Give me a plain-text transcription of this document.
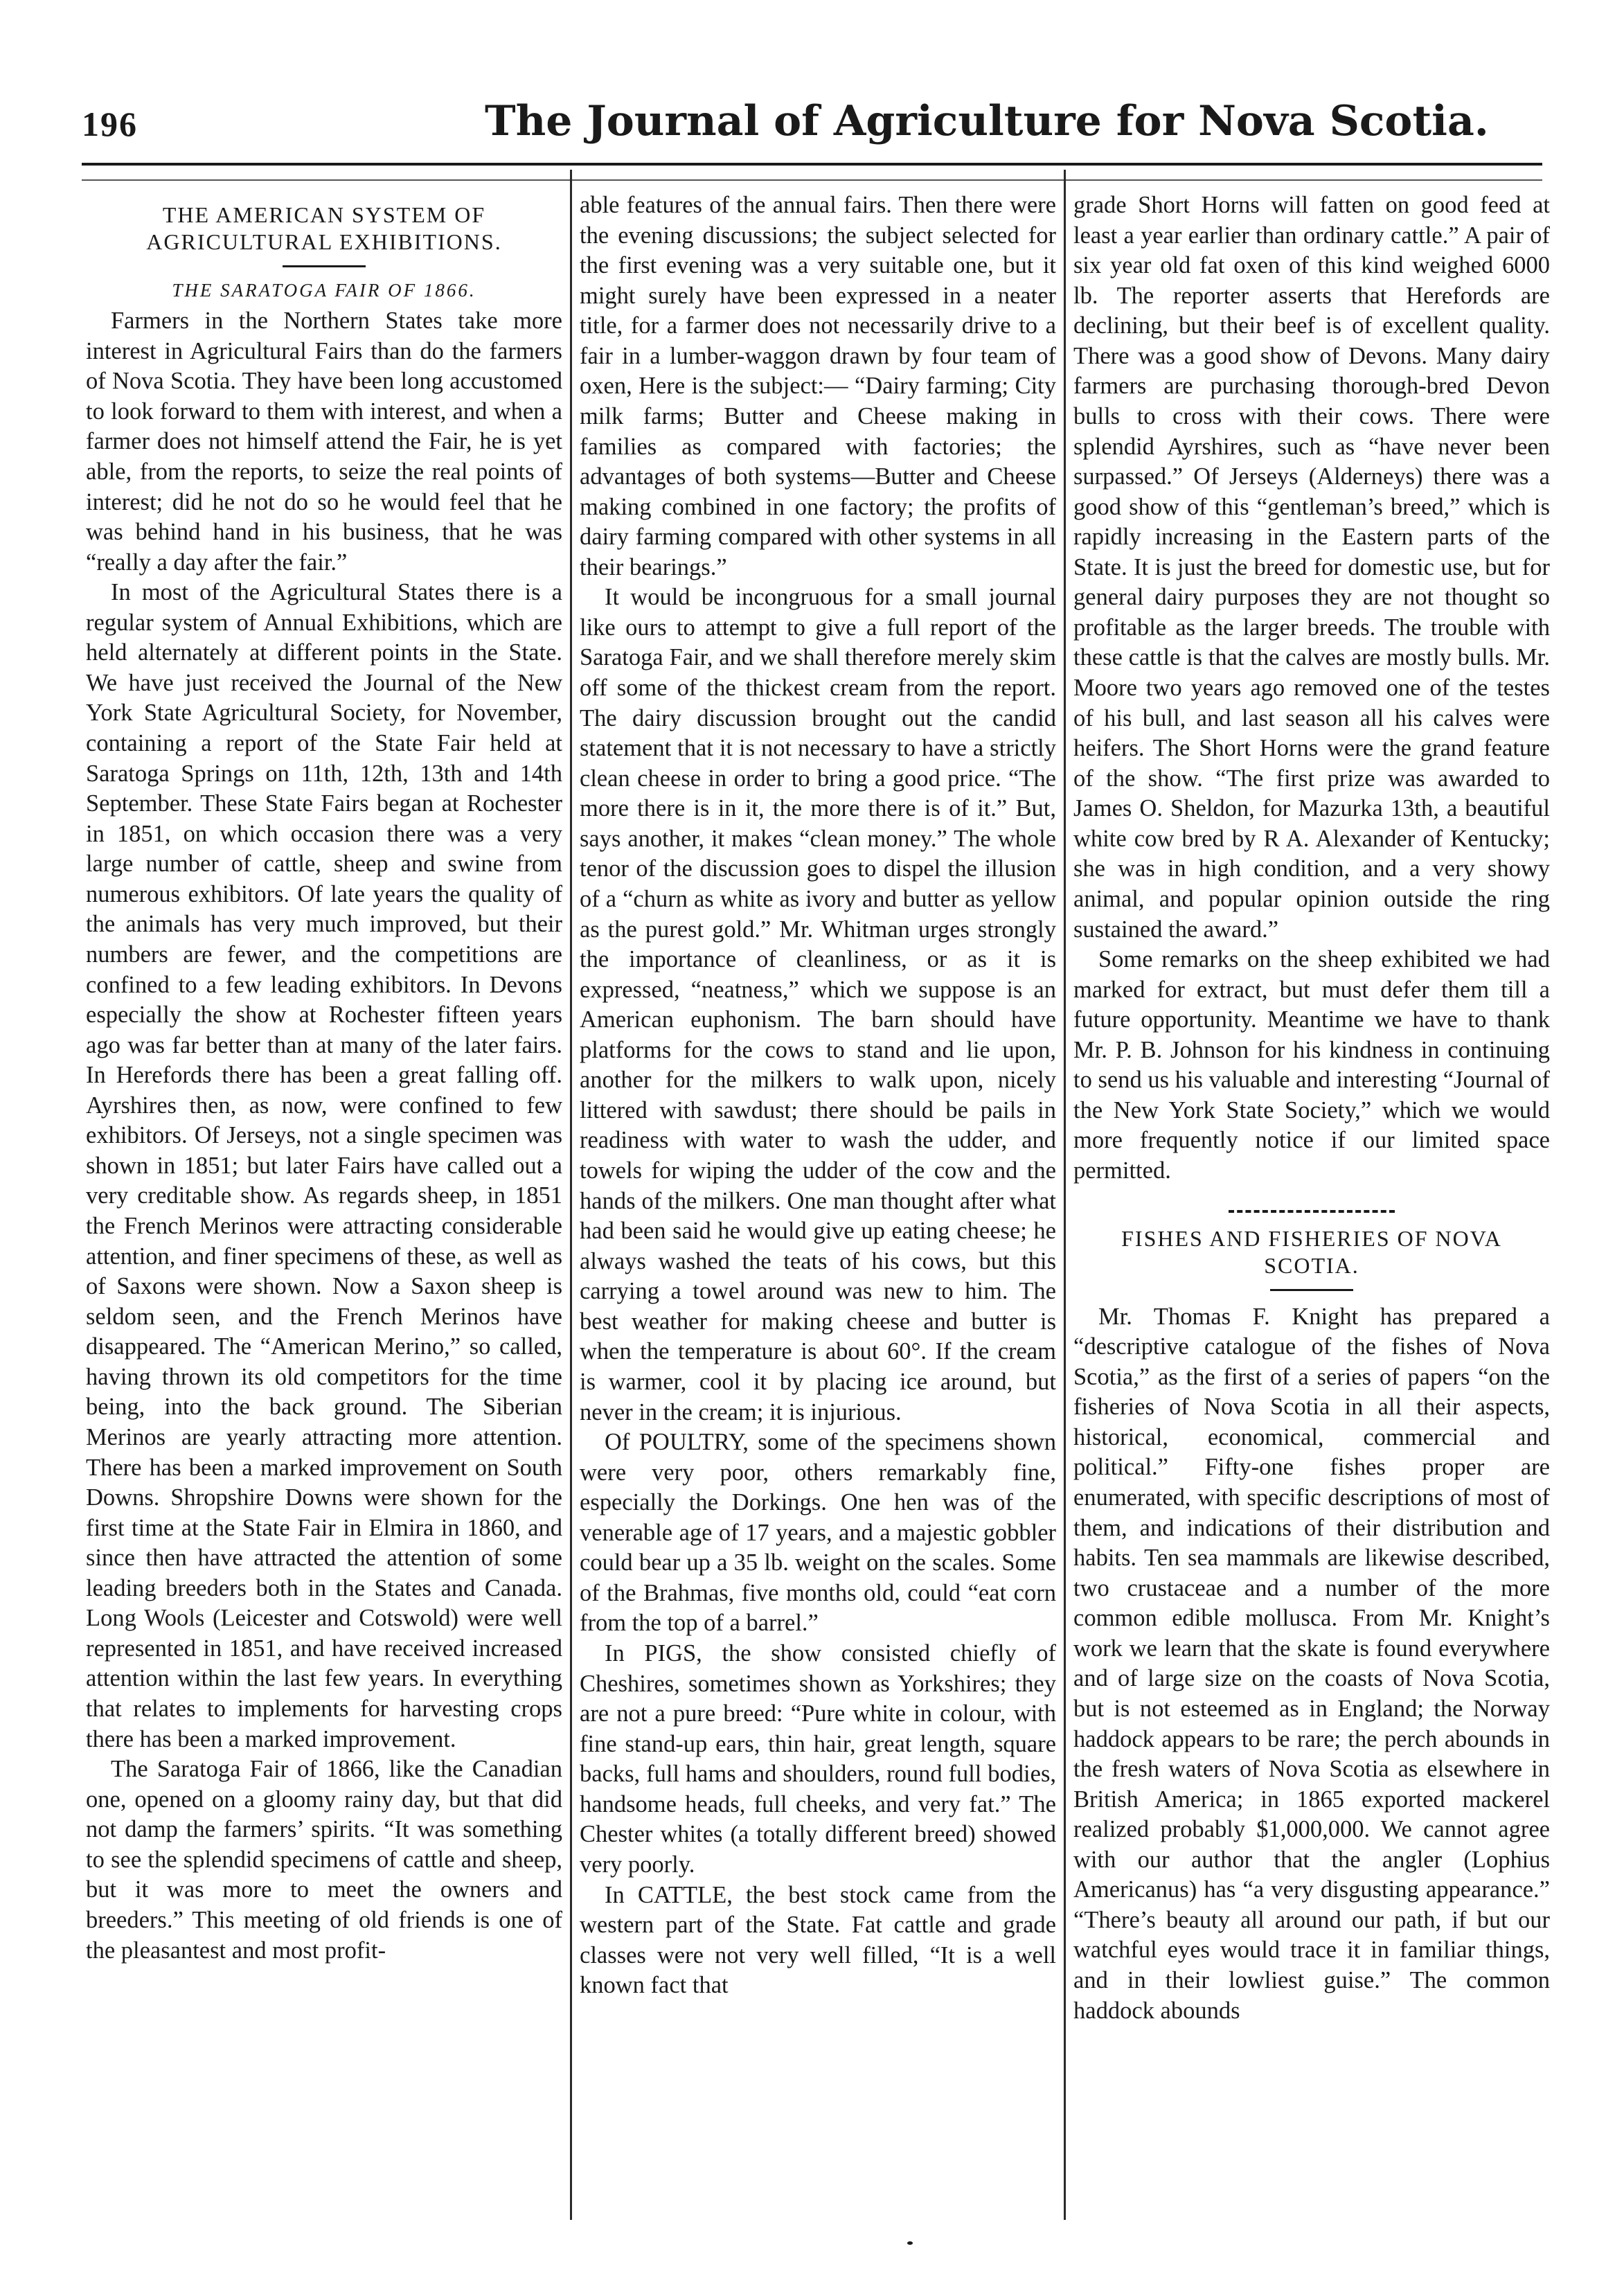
196	The Journal of Agriculture for Nova Scotia.
THE AMERICAN SYSTEM OF AGRICULTURAL EXHIBITIONS.
THE SARATOGA FAIR OF 1866.

Farmers in the Northern States take more interest in Agricultural Fairs than do the farmers of Nova Scotia. They have been long accustomed to look forward to them with interest, and when a farmer does not himself attend the Fair, he is yet able, from the reports, to seize the real points of interest; did he not do so he would feel that he was behind hand in his business, that he was “really a day after the fair.”

In most of the Agricultural States there is a regular system of Annual Exhibitions, which are held alternately at different points in the State. We have just received the Journal of the New York State Agricultural Society, for November, containing a report of the State Fair held at Saratoga Springs on 11th, 12th, 13th and 14th September. These State Fairs began at Rochester in 1851, on which occasion there was a very large number of cattle, sheep and swine from numerous exhibitors. Of late years the quality of the animals has very much improved, but their numbers are fewer, and the competitions are confined to a few leading exhibitors. In Devons especially the show at Rochester fifteen years ago was far better than at many of the later fairs. In Herefords there has been a great falling off. Ayrshires then, as now, were confined to few exhibitors. Of Jerseys, not a single specimen was shown in 1851; but later Fairs have called out a very creditable show. As regards sheep, in 1851 the French Merinos were attracting considerable attention, and finer specimens of these, as well as of Saxons were shown. Now a Saxon sheep is seldom seen, and the French Merinos have disappeared. The “American Merino,” so called, having thrown its old competitors for the time being, into the back ground. The Siberian Merinos are yearly attracting more attention. There has been a marked improvement on South Downs. Shropshire Downs were shown for the first time at the State Fair in Elmira in 1860, and since then have attracted the attention of some leading breeders both in the States and Canada. Long Wools (Leicester and Cotswold) were well represented in 1851, and have received increased attention within the last few years. In everything that relates to implements for harvesting crops there has been a marked improvement.

The Saratoga Fair of 1866, like the Canadian one, opened on a gloomy rainy day, but that did not damp the farmers’ spirits. “It was something to see the splendid specimens of cattle and sheep, but it was more to meet the owners and breeders.” This meeting of old friends is one of the pleasantest and most profit-

able features of the annual fairs. Then there were the evening discussions; the subject selected for the first evening was a very suitable one, but it might surely have been expressed in a neater title, for a farmer does not necessarily drive to a fair in a lumber-waggon drawn by four team of oxen, Here is the subject:— “Dairy farming; City milk farms; Butter and Cheese making in families as compared with factories; the advantages of both systems—Butter and Cheese making combined in one factory; the profits of dairy farming compared with other systems in all their bearings.”

It would be incongruous for a small journal like ours to attempt to give a full report of the Saratoga Fair, and we shall therefore merely skim off some of the thickest cream from the report. The dairy discussion brought out the candid statement that it is not necessary to have a strictly clean cheese in order to bring a good price. “The more there is in it, the more there is of it.” But, says another, it makes “clean money.” The whole tenor of the discussion goes to dispel the illusion of a “churn as white as ivory and butter as yellow as the purest gold.” Mr. Whitman urges strongly the importance of cleanliness, or as it is expressed, “neatness,” which we suppose is an American euphonism. The barn should have platforms for the cows to stand and lie upon, another for the milkers to walk upon, nicely littered with sawdust; there should be pails in readiness with water to wash the udder, and towels for wiping the udder of the cow and the hands of the milkers. One man thought after what had been said he would give up eating cheese; he always washed the teats of his cows, but this carrying a towel around was new to him. The best weather for making cheese and butter is when the temperature is about 60°. If the cream is warmer, cool it by placing ice around, but never in the cream; it is injurious.

Of POULTRY, some of the specimens shown were very poor, others remarkably fine, especially the Dorkings. One hen was of the venerable age of 17 years, and a majestic gobbler could bear up a 35 lb. weight on the scales. Some of the Brahmas, five months old, could “eat corn from the top of a barrel.”

In PIGS, the show consisted chiefly of Cheshires, sometimes shown as Yorkshires; they are not a pure breed: “Pure white in colour, with fine stand-up ears, thin hair, great length, square backs, full hams and shoulders, round full bodies, handsome heads, full cheeks, and very fat.” The Chester whites (a totally different breed) showed very poorly.

In CATTLE, the best stock came from the western part of the State. Fat cattle and grade classes were not very well filled, “It is a well known fact that

grade Short Horns will fatten on good feed at least a year earlier than ordinary cattle.” A pair of six year old fat oxen of this kind weighed 6000 lb. The reporter asserts that Herefords are declining, but their beef is of excellent quality. There was a good show of Devons. Many dairy farmers are purchasing thorough-bred Devon bulls to cross with their cows. There were splendid Ayrshires, such as “have never been surpassed.” Of Jerseys (Alderneys) there was a good show of this “gentleman’s breed,” which is rapidly increasing in the Eastern parts of the State. It is just the breed for domestic use, but for general dairy purposes they are not thought so profitable as the larger breeds. The trouble with these cattle is that the calves are mostly bulls. Mr. Moore two years ago removed one of the testes of his bull, and last season all his calves were heifers. The Short Horns were the grand feature of the show. “The first prize was awarded to James O. Sheldon, for Mazurka 13th, a beautiful white cow bred by R A. Alexander of Kentucky; she was in high condition, and a very showy animal, and popular opinion outside the ring sustained the award.”

Some remarks on the sheep exhibited we had marked for extract, but must defer them till a future opportunity. Meantime we have to thank Mr. P. B. Johnson for his kindness in continuing to send us his valuable and interesting “Journal of the New York State Society,” which we would more frequently notice if our limited space permitted.

FISHES AND FISHERIES OF NOVA SCOTIA.

Mr. Thomas F. Knight has prepared a “descriptive catalogue of the fishes of Nova Scotia,” as the first of a series of papers “on the fisheries of Nova Scotia in all their aspects, historical, economical, commercial and political.” Fifty-one fishes proper are enumerated, with specific descriptions of most of them, and indications of their distribution and habits. Ten sea mammals are likewise described, two crustaceae and a number of the more common edible mollusca. From Mr. Knight’s work we learn that the skate is found everywhere and of large size on the coasts of Nova Scotia, but is not esteemed as in England; the Norway haddock appears to be rare; the perch abounds in the fresh waters of Nova Scotia as elsewhere in British America; in 1865 exported mackerel realized probably $1,000,000. We cannot agree with our author that the angler (Lophius Americanus) has “a very disgusting appearance.” “There’s beauty all around our path, if but our watchful eyes would trace it in familiar things, and in their lowliest guise.” The common haddock abounds
